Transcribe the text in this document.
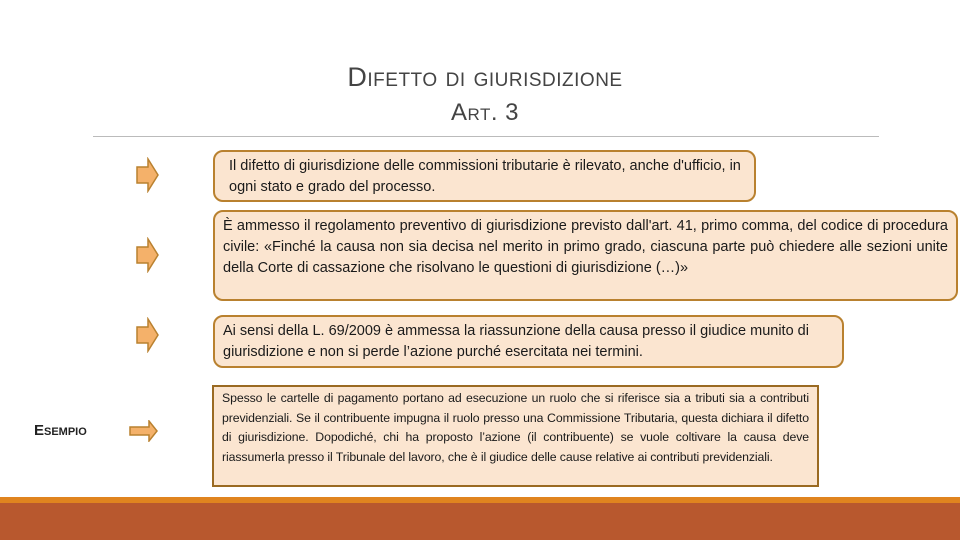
Difetto di giurisdizione
Art. 3
Il difetto di giurisdizione delle commissioni tributarie è rilevato, anche d'ufficio, in ogni stato e grado del processo.
È ammesso il regolamento preventivo di giurisdizione previsto dall'art. 41, primo comma, del codice di procedura civile: «Finché la causa non sia decisa nel merito in primo grado, ciascuna parte può chiedere alle sezioni unite della Corte di cassazione che risolvano le questioni di giurisdizione (…)»
Ai sensi della L. 69/2009 è ammessa la riassunzione della causa presso il giudice munito di giurisdizione e non si perde l’azione purché esercitata nei termini.
Esempio
Spesso le cartelle di pagamento portano ad esecuzione un ruolo che si riferisce sia a tributi sia a contributi previdenziali. Se il contribuente impugna il ruolo presso una Commissione Tributaria, questa dichiara il difetto di giurisdizione. Dopodiché, chi ha proposto l’azione (il contribuente) se vuole coltivare la causa deve riassumerla presso il Tribunale del lavoro, che è il giudice delle cause relative ai contributi previdenziali.
